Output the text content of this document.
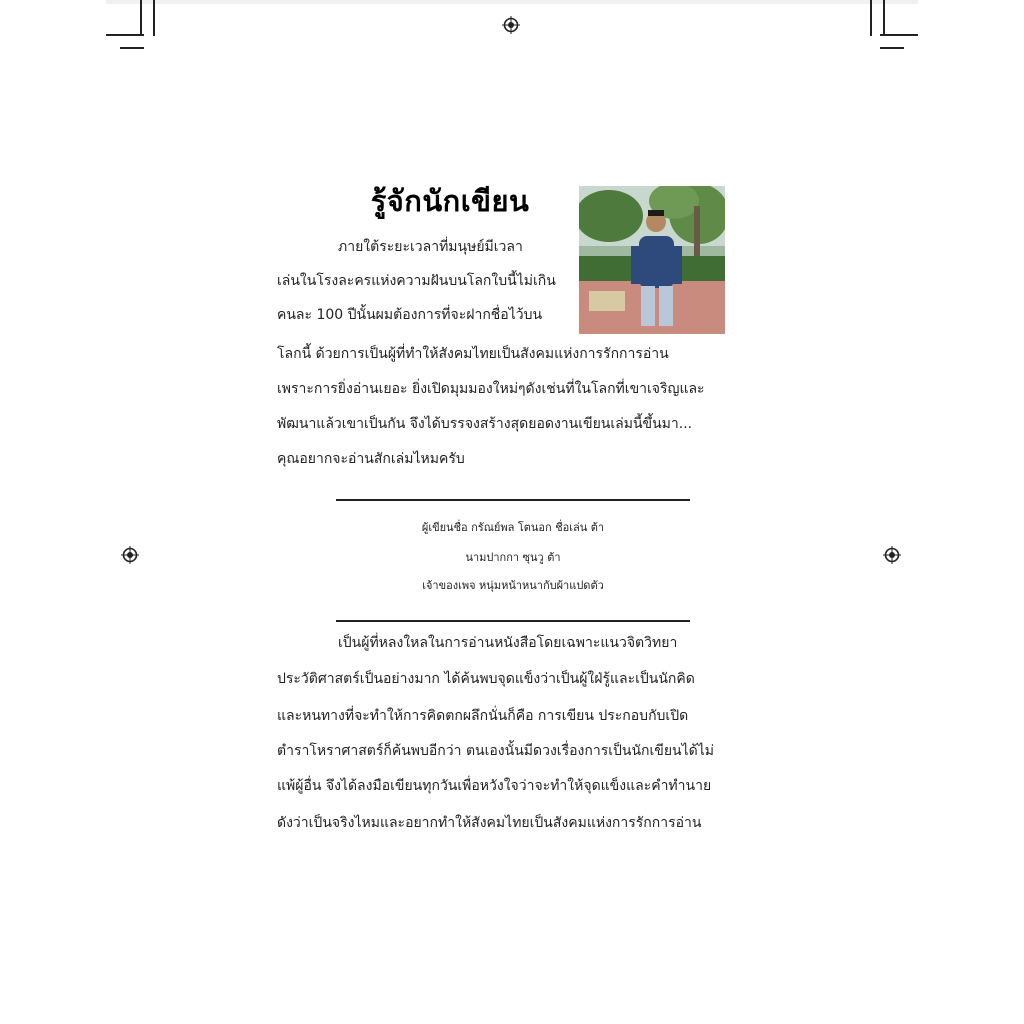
รู้จักนักเขียน
ภายใต้ระยะเวลาที่มนุษย์มีเวลา
เล่นในโรงละครแห่งความฝันบนโลกใบนี้ไม่เกิน
คนละ 100 ปีนั้นผมต้องการที่จะฝากชื่อไว้บน
โลกนี้ ด้วยการเป็นผู้ที่ทำให้สังคมไทยเป็นสังคมแห่งการรักการอ่าน
เพราะการยิ่งอ่านเยอะ ยิ่งเปิดมุมมองใหม่ๆดังเช่นที่ในโลกที่เขาเจริญและ
พัฒนาแล้วเขาเป็นกัน จึงได้บรรจงสร้างสุดยอดงานเขียนเล่มนี้ขึ้นมา...
คุณอยากจะอ่านสักเล่มไหมครับ
ผู้เขียนชื่อ กรัณย์พล โตนอก ชื่อเล่น ต้า
นามปากกา ซุนวู ต้า
เจ้าของเพจ หนุ่มหน้าหนากับผ้าแปดตัว
เป็นผู้ที่หลงใหลในการอ่านหนังสือโดยเฉพาะแนวจิตวิทยา
ประวัติศาสตร์เป็นอย่างมาก ได้ค้นพบจุดแข็งว่าเป็นผู้ใฝ่รู้และเป็นนักคิด
และหนทางที่จะทำให้การคิดตกผลึกนั่นก็คือ การเขียน ประกอบกับเปิด
ตำราโหราศาสตร์ก็ค้นพบอีกว่า ตนเองนั้นมีดวงเรื่องการเป็นนักเขียนได้ไม่
แพ้ผู้อื่น จึงได้ลงมือเขียนทุกวันเพื่อหวังใจว่าจะทำให้จุดแข็งและคำทำนาย
ดังว่าเป็นจริงไหมและอยากทำให้สังคมไทยเป็นสังคมแห่งการรักการอ่าน
